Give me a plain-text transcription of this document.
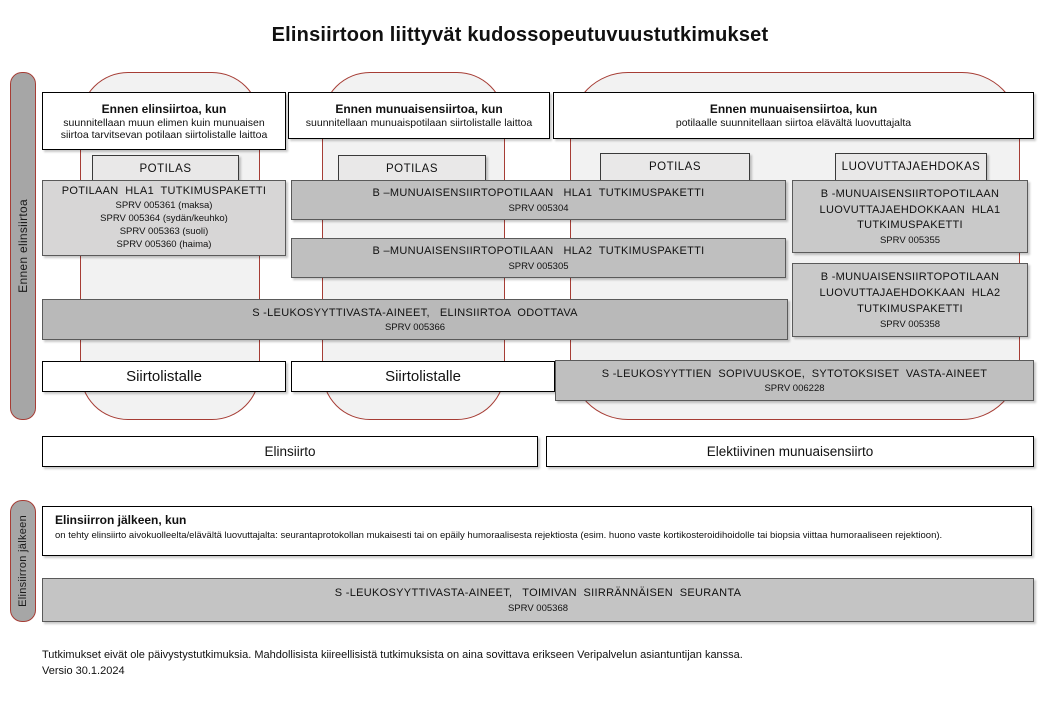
Elinsiirtoon liittyvät kudossopeutuvuustutkimukset
Ennen elinsiirtoa
Ennen elinsiirtoa, kun
suunnitellaan muun elimen kuin munuaisen siirtoa tarvitsevan potilaan siirtolistalle laittoa
Ennen munuaisensiirtoa, kun
suunnitellaan munuaispotilaan siirtolistalle laittoa
Ennen munuaisensiirtoa, kun
potilaalle suunnitellaan siirtoa elävältä luovuttajalta
POTILAS	POTILAS	POTILAS	LUOVUTTAJAEHDOKAS
POTILAAN  HLA1  TUTKIMUSPAKETTI
SPRV 005361 (maksa)
SPRV 005364 (sydän/keuhko)
SPRV 005363 (suoli)
SPRV 005360 (haima)
B –MUNUAISENSIIRTOPOTILAAN   HLA1  TUTKIMUSPAKETTI
SPRV 005304
B –MUNUAISENSIIRTOPOTILAAN   HLA2  TUTKIMUSPAKETTI
SPRV 005305
B -MUNUAISENSIIRTOPOTILAAN LUOVUTTAJAEHDOKKAAN  HLA1 TUTKIMUSPAKETTI
SPRV 005355
B -MUNUAISENSIIRTOPOTILAAN LUOVUTTAJAEHDOKKAAN  HLA2 TUTKIMUSPAKETTI
SPRV 005358
S -LEUKOSYYTTIVASTA-AINEET,   ELINSIIRTOA  ODOTTAVA
SPRV 005366
Siirtolistalle	Siirtolistalle	S -LEUKOSYYTTIEN  SOPIVUUSKOE,  SYTOTOKSISET  VASTA-AINEET
SPRV 006228
Elinsiirto	Elektiivinen munuaisensiirto
Elinsiirron jälkeen Elinsiirron jälkeen, kun
on tehty elinsiirto aivokuolleelta/elävältä luovuttajalta: seurantaprotokollan mukaisesti tai on epäily humoraalisesta rejektiosta (esim. huono vaste kortikosteroidihoidolle tai biopsia viittaa humoraaliseen rejektioon).
S -LEUKOSYYTTIVASTA-AINEET,   TOIMIVAN  SIIRRÄNNÄISEN  SEURANTA
SPRV 005368
Tutkimukset eivät ole päivystystutkimuksia. Mahdollisista kiireellisistä tutkimuksista on aina sovittava erikseen Veripalvelun asiantuntijan kanssa.
Versio 30.1.2024
